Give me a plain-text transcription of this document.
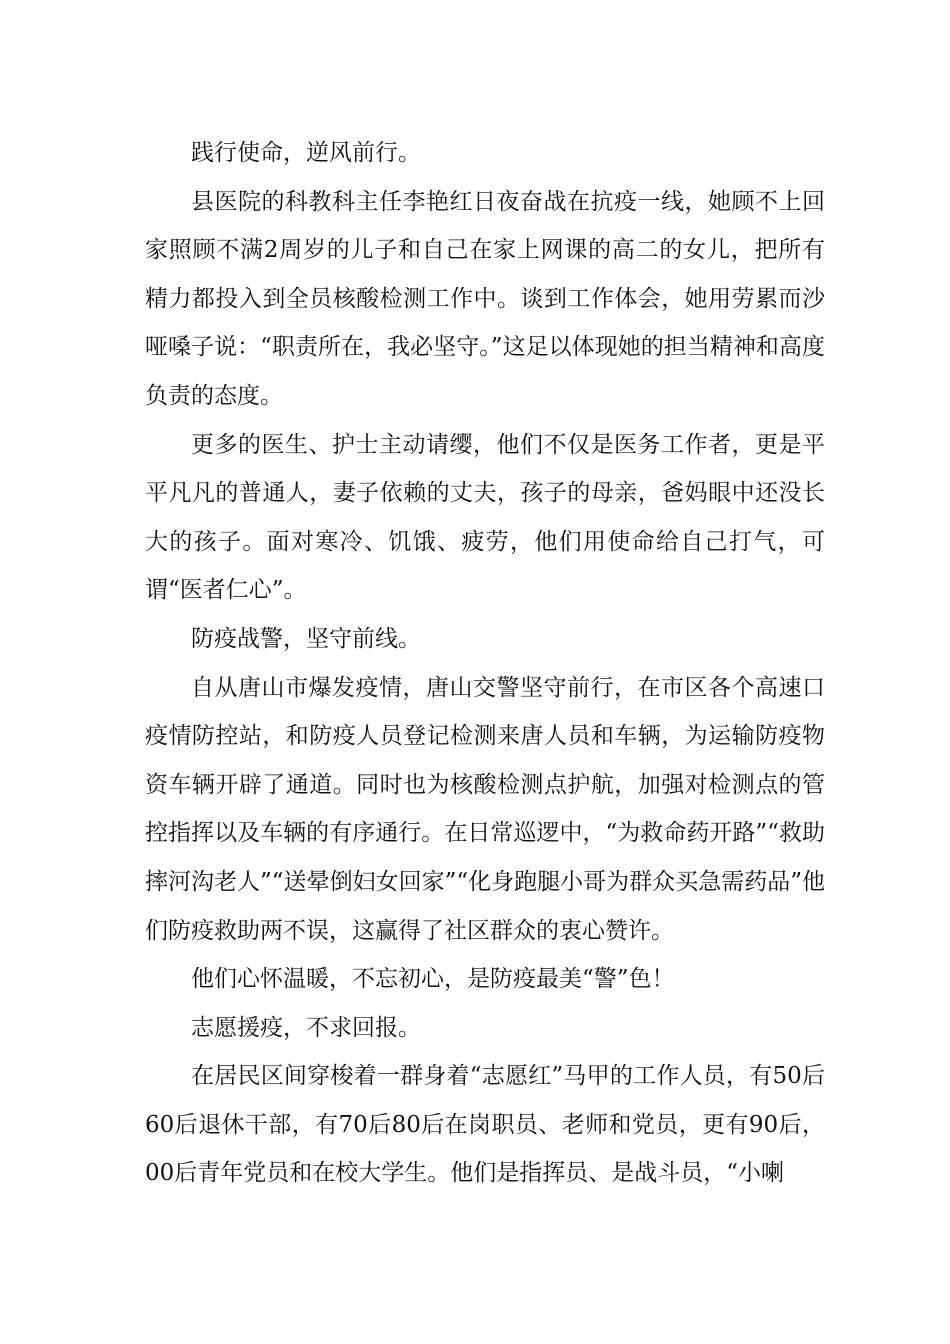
践行使命，逆风前行。

县医院的科教科主任李艳红日夜奋战在抗疫一线，她顾不上回家照顾不满2周岁的儿子和自己在家上网课的高二的女儿，把所有精力都投入到全员核酸检测工作中。谈到工作体会，她用劳累而沙哑嗓子说：“职责所在，我必坚守。”这足以体现她的担当精神和高度负责的态度。

更多的医生、护士主动请缨，他们不仅是医务工作者，更是平平凡凡的普通人，妻子依赖的丈夫，孩子的母亲，爸妈眼中还没长大的孩子。面对寒冷、饥饿、疲劳，他们用使命给自己打气，可谓“医者仁心”。

防疫战警，坚守前线。

自从唐山市爆发疫情，唐山交警坚守前行，在市区各个高速口疫情防控站，和防疫人员登记检测来唐人员和车辆，为运输防疫物资车辆开辟了通道。同时也为核酸检测点护航，加强对检测点的管控指挥以及车辆的有序通行。在日常巡逻中，“为救命药开路”“救助摔河沟老人”“送晕倒妇女回家”“化身跑腿小哥为群众买急需药品”他们防疫救助两不误，这赢得了社区群众的衷心赞许。

他们心怀温暖，不忘初心，是防疫最美“警”色！

志愿援疫，不求回报。

在居民区间穿梭着一群身着“志愿红”马甲的工作人员，有50后60后退休干部，有70后80后在岗职员、老师和党员，更有90后，00后青年党员和在校大学生。他们是指挥员、是战斗员，“小喇
